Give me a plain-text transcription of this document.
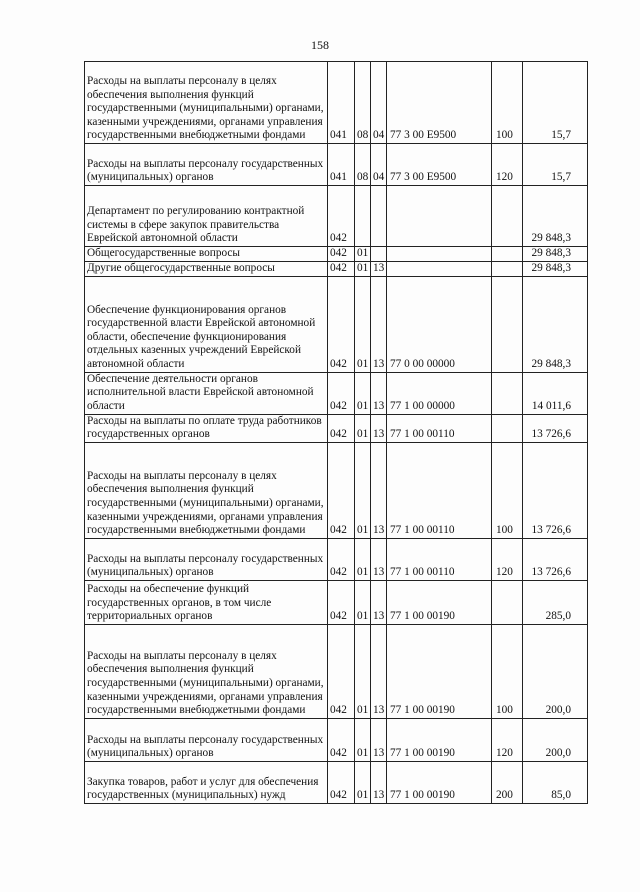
158
Расходы на выплаты персоналу в целях обеспечения выполнения функций государственными (муниципальными) органами, казенными учреждениями, органами управления государственными внебюджетными фондами	041	08	04	77 3 00 E9500	100	15,7
Расходы на выплаты персоналу государственных (муниципальных) органов	041	08	04	77 3 00 E9500	120	15,7
Департамент по регулированию контрактной системы в сфере закупок правительства Еврейской автономной области	042					29 848,3
Общегосударственные вопросы	042	01				29 848,3
Другие общегосударственные вопросы	042	01	13			29 848,3
Обеспечение функционирования органов государственной власти Еврейской автономной области, обеспечение функционирования отдельных казенных учреждений Еврейской автономной области	042	01	13	77 0 00 00000		29 848,3
Обеспечение деятельности органов исполнительной власти Еврейской автономной области	042	01	13	77 1 00 00000		14 011,6
Расходы на выплаты по оплате труда работников государственных органов	042	01	13	77 1 00 00110		13 726,6
Расходы на выплаты персоналу в целях обеспечения выполнения функций государственными (муниципальными) органами, казенными учреждениями, органами управления государственными внебюджетными фондами	042	01	13	77 1 00 00110	100	13 726,6
Расходы на выплаты персоналу государственных (муниципальных) органов	042	01	13	77 1 00 00110	120	13 726,6
Расходы на обеспечение функций государственных органов, в том числе территориальных органов	042	01	13	77 1 00 00190		285,0
Расходы на выплаты персоналу в целях обеспечения выполнения функций государственными (муниципальными) органами, казенными учреждениями, органами управления государственными внебюджетными фондами	042	01	13	77 1 00 00190	100	200,0
Расходы на выплаты персоналу государственных (муниципальных) органов	042	01	13	77 1 00 00190	120	200,0
Закупка товаров, работ и услуг для обеспечения государственных (муниципальных) нужд	042	01	13	77 1 00 00190	200	85,0
